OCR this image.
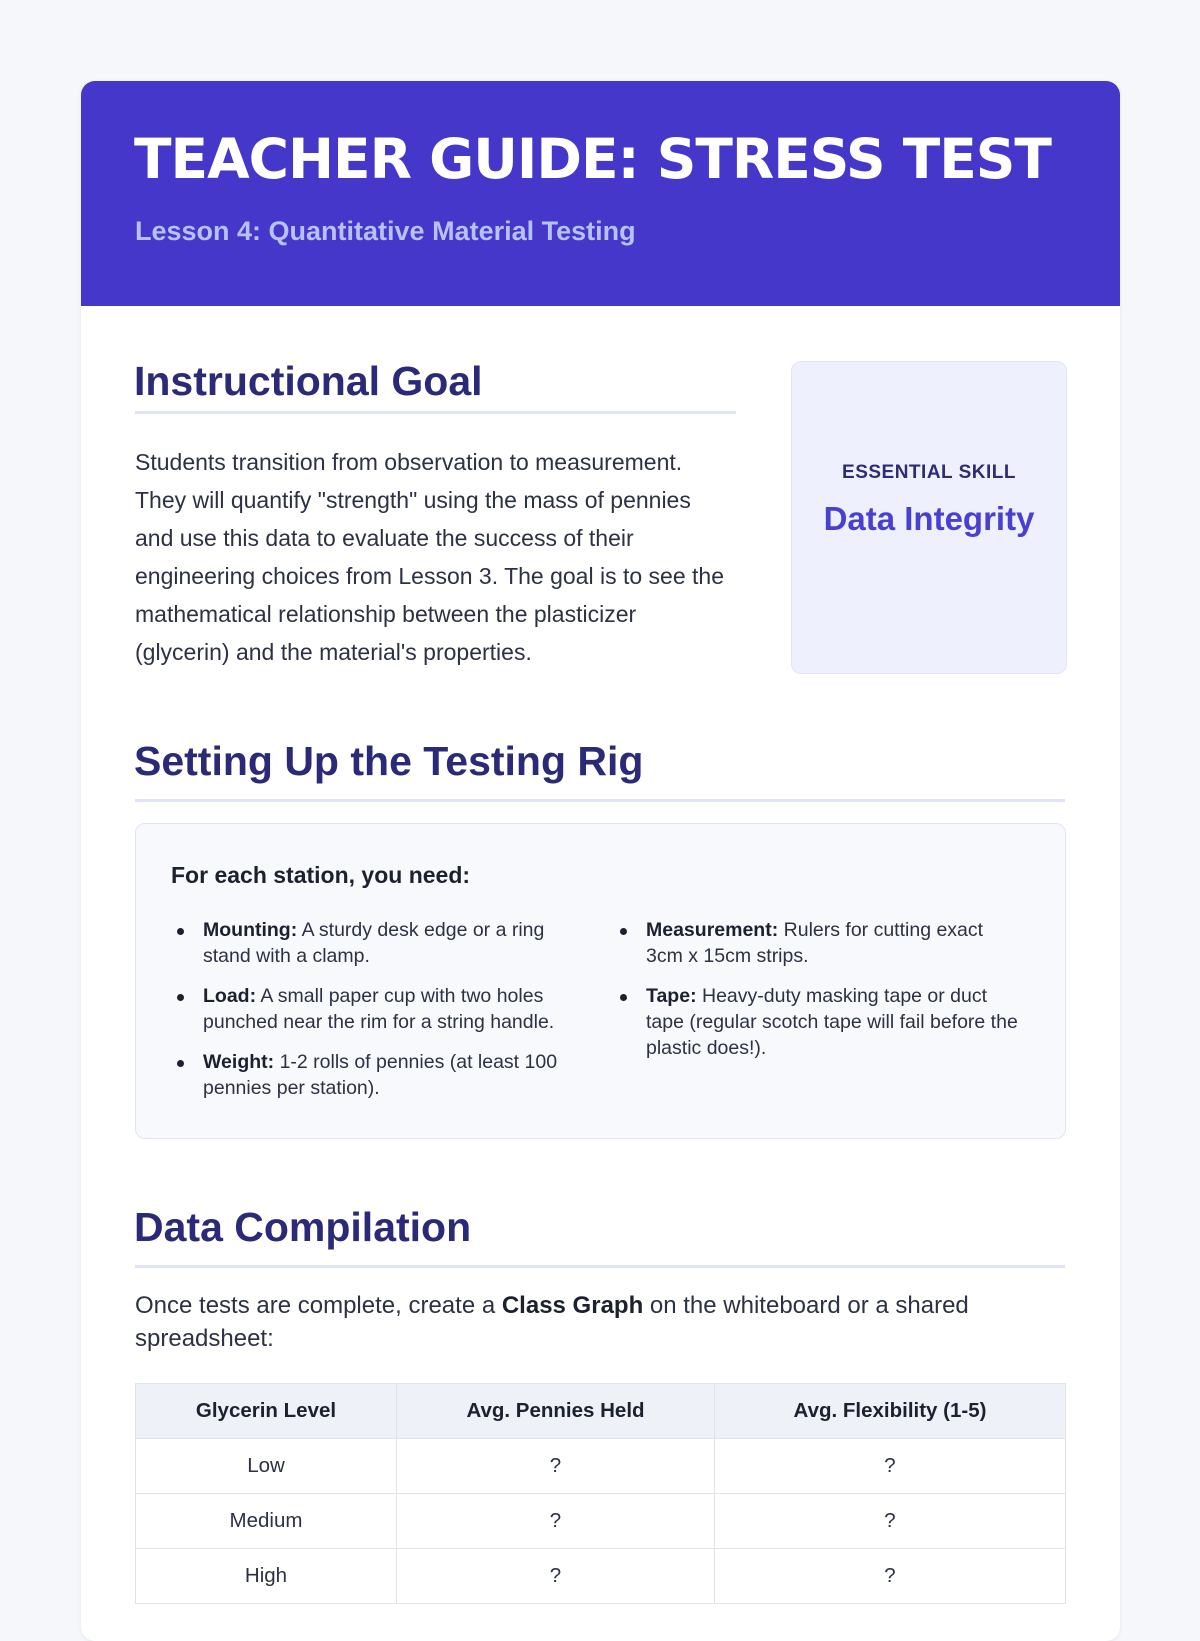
TEACHER GUIDE: STRESS TEST
Lesson 4: Quantitative Material Testing
Instructional Goal

Students transition from observation to measurement. They will quantify "strength" using the mass of pennies and use this data to evaluate the success of their engineering choices from Lesson 3. The goal is to see the mathematical relationship between the plasticizer (glycerin) and the material's properties.

ESSENTIAL SKILL
Data Integrity
Setting Up the Testing Rig
For each station, you need:
Mounting: A sturdy desk edge or a ring stand with a clamp.
Load: A small paper cup with two holes punched near the rim for a string handle.
Weight: 1-2 rolls of pennies (at least 100 pennies per station).
Measurement: Rulers for cutting exact 3cm x 15cm strips.
Tape: Heavy-duty masking tape or duct tape (regular scotch tape will fail before the plastic does!).
Data Compilation

Once tests are complete, create a Class Graph on the whiteboard or a shared spreadsheet:

Glycerin Level	Avg. Pennies Held	Avg. Flexibility (1-5)
Low	?	?
Medium	?	?
High	?	?
